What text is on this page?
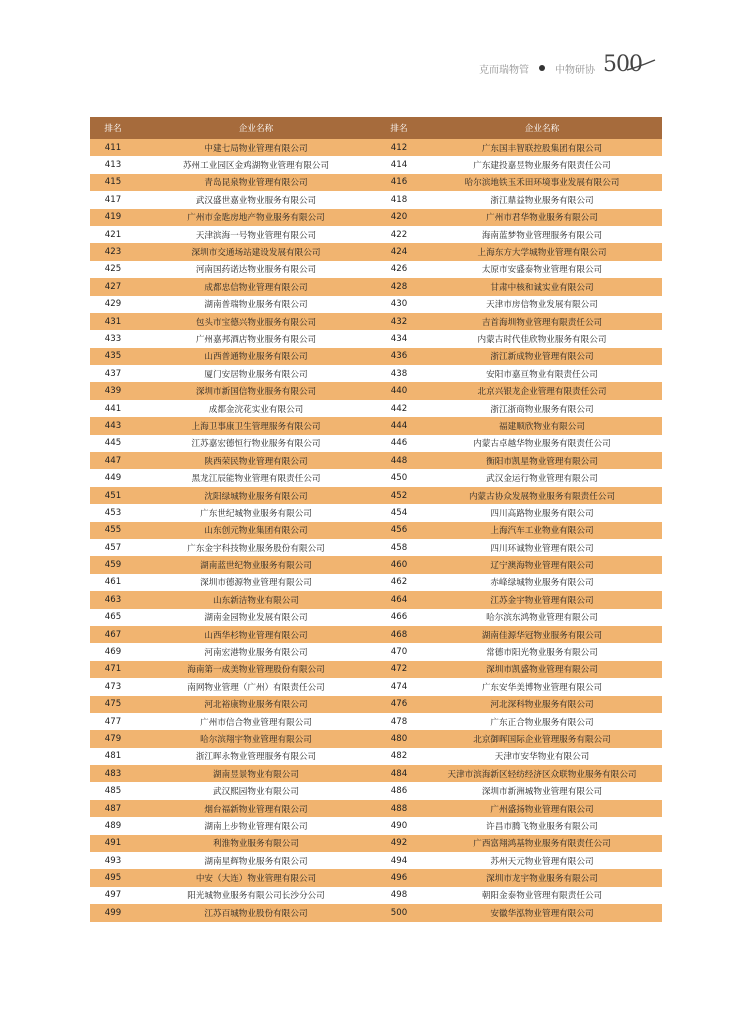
克而瑞物管	中物研协 500
排名	企业名称	排名	企业名称
411	中建七局物业管理有限公司	412	广东国丰智联控股集团有限公司
413	苏州工业园区金鸡湖物业管理有限公司	414	广东建投嘉昱物业服务有限责任公司
415	青岛昆泉物业管理有限公司	416	哈尔滨地铁玉禾田环境事业发展有限公司
417	武汉盛世嘉业物业服务有限公司	418	浙江鼎益物业服务有限公司
419	广州市金匙房地产物业服务有限公司	420	广州市君华物业服务有限公司
421	天津滨海一号物业管理有限公司	422	海南蓝梦物业管理服务有限公司
423	深圳市交通场站建设发展有限公司	424	上海东方大学城物业管理有限公司
425	河南国药诺达物业服务有限公司	426	太原市安盛泰物业管理有限公司
427	成都忠信物业管理有限公司	428	甘肃中核和诚实业有限公司
429	湖南普瑞物业服务有限公司	430	天津市房信物业发展有限公司
431	包头市宝德兴物业服务有限公司	432	吉首海圳物业管理有限责任公司
433	广州嘉邦酒店物业服务有限公司	434	内蒙古时代佳欣物业服务有限公司
435	山西普通物业服务有限公司	436	浙江新成物业管理有限公司
437	厦门安居物业服务有限公司	438	安阳市嘉亘物业有限责任公司
439	深圳市新国信物业服务有限公司	440	北京兴银龙企业管理有限责任公司
441	成都金浣花实业有限公司	442	浙江浙商物业服务有限公司
443	上海卫事康卫生管理服务有限公司	444	福建顺欣物业有限公司
445	江苏嘉宏德恒行物业服务有限公司	446	内蒙古卓越华物业服务有限责任公司
447	陕西荣民物业管理有限公司	448	衡阳市凯星物业管理有限公司
449	黑龙江辰能物业管理有限责任公司	450	武汉金运行物业管理有限公司
451	沈阳绿城物业服务有限公司	452	内蒙古协众发展物业服务有限责任公司
453	广东世纪城物业服务有限公司	454	四川高路物业服务有限公司
455	山东创元物业集团有限公司	456	上海汽车工业物业有限公司
457	广东金宇科技物业服务股份有限公司	458	四川环诚物业管理有限公司
459	湖南蓝世纪物业服务有限公司	460	辽宁澳海物业管理有限公司
461	深圳市德源物业管理有限公司	462	赤峰绿城物业服务有限公司
463	山东新洁物业有限公司	464	江苏金宇物业管理有限公司
465	湖南金园物业发展有限公司	466	哈尔滨东鸿物业管理有限公司
467	山西华杉物业管理有限公司	468	湖南佳源华冠物业服务有限公司
469	河南宏港物业服务有限公司	470	常德市阳光物业服务有限公司
471	海南第一成美物业管理股份有限公司	472	深圳市凯盛物业管理有限公司
473	南网物业管理（广州）有限责任公司	474	广东安华美博物业管理有限公司
475	河北裕康物业服务有限公司	476	河北深科物业服务有限公司
477	广州市信合物业管理有限公司	478	广东正合物业服务有限公司
479	哈尔滨翔宇物业管理有限公司	480	北京御晖国际企业管理服务有限公司
481	浙江晖永物业管理服务有限公司	482	天津市安华物业有限公司
483	湖南昱景物业有限公司	484	天津市滨海新区轻纺经济区众联物业服务有限公司
485	武汉熙园物业有限公司	486	深圳市新洲城物业管理有限公司
487	烟台福新物业管理有限公司	488	广州盛扬物业管理有限公司
489	湖南上步物业管理有限公司	490	许昌市腾飞物业服务有限公司
491	利淮物业服务有限公司	492	广西富翔鸿基物业服务有限责任公司
493	湖南星辉物业服务有限公司	494	苏州天元物业管理有限公司
495	中安（大连）物业管理有限公司	496	深圳市龙宇物业服务有限公司
497	阳光城物业服务有限公司长沙分公司	498	朝阳金泰物业管理有限责任公司
499	江苏百城物业股份有限公司	500	安徽华泓物业管理有限公司
